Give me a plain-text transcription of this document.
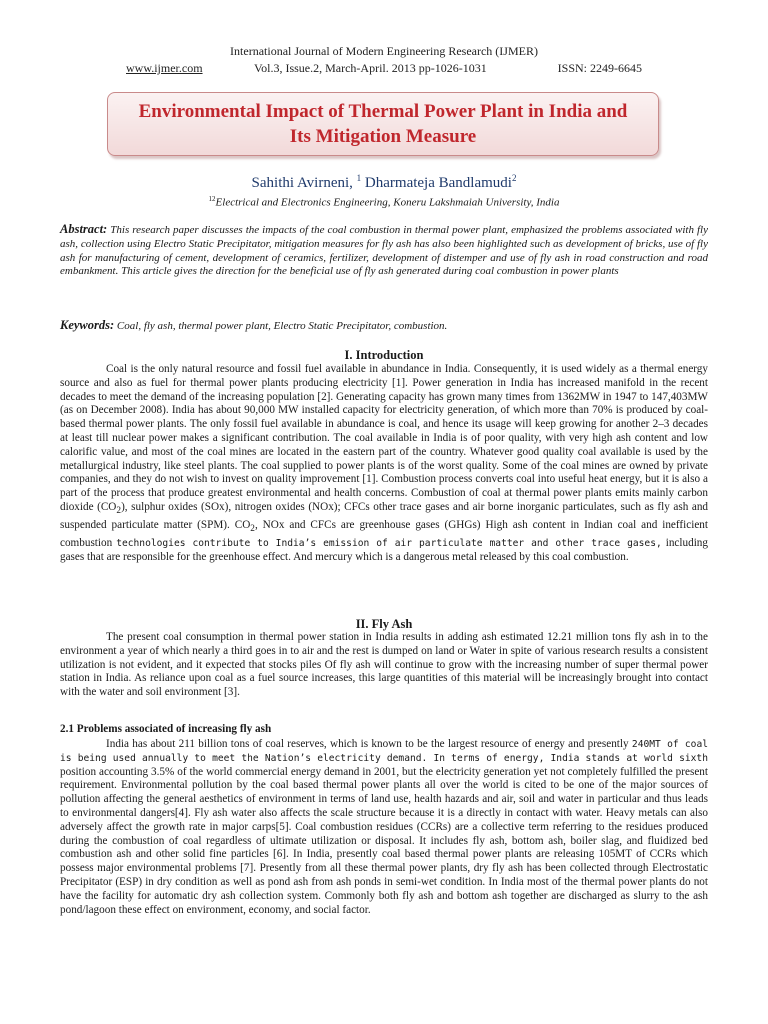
International Journal of Modern Engineering Research (IJMER)
www.ijmer.com	Vol.3, Issue.2, March-April. 2013 pp-1026-1031	ISSN: 2249-6645
Environmental Impact of Thermal Power Plant in India and
Its Mitigation Measure
Sahithi Avirneni, $^1$ Dharmateja Bandlamudi$^2$
$^{12}$Electrical and Electronics Engineering, Koneru Lakshmaiah University, India
Abstract: This research paper discusses the impacts of the coal combustion in thermal power plant, emphasized the problems associated with fly ash, collection using Electro Static Precipitator, mitigation measures for fly ash has also been highlighted such as development of bricks, use of fly ash for manufacturing of cement, development of ceramics, fertilizer, development of distemper and use of fly ash in road construction and road embankment. This article gives the direction for the beneficial use of fly ash generated during coal combustion in power plants
Keywords: Coal, fly ash, thermal power plant, Electro Static Precipitator, combustion.
I. Introduction
Coal is the only natural resource and fossil fuel available in abundance in India. Consequently, it is used widely as a thermal energy source and also as fuel for thermal power plants producing electricity [1]. Power generation in India has increased manifold in the recent decades to meet the demand of the increasing population [2]. Generating capacity has grown many times from 1362MW in 1947 to 147,403MW (as on December 2008). India has about 90,000 MW installed capacity for electricity generation, of which more than 70% is produced by coal- based thermal power plants. The only fossil fuel available in abundance is coal, and hence its usage will keep growing for another 2–3 decades at least till nuclear power makes a significant contribution. The coal available in India is of poor quality, with very high ash content and low calorific value, and most of the coal mines are located in the eastern part of the country. Whatever good quality coal available is used by the metallurgical industry, like steel plants. The coal supplied to power plants is of the worst quality. Some of the coal mines are owned by private companies, and they do not wish to invest on quality improvement [1]. Combustion process converts coal into useful heat energy, but it is also a part of the process that produce greatest environmental and health concerns. Combustion of coal at thermal power plants emits mainly carbon dioxide $(CO_2)$, sulphur oxides (SOx), nitrogen oxides (NOx); CFCs other trace gases and air borne inorganic particulates, such as fly ash and suspended particulate matter (SPM). $CO_2$, NOx and CFCs are greenhouse gases (GHGs) High ash content in Indian coal and inefficient combustion technologies contribute to India’s emission of air particulate matter and other trace gases, including gases that are responsible for the greenhouse effect. And mercury which is a dangerous metal released by this coal combustion.
II. Fly Ash
The present coal consumption in thermal power station in India results in adding ash estimated 12.21 million tons fly ash in to the environment a year of which nearly a third goes in to air and the rest is dumped on land or Water in spite of various research results a consistent utilization is not evident, and it expected that stocks piles Of fly ash will continue to grow with the increasing number of super thermal power station in India. As reliance upon coal as a fuel source increases, this large quantities of this material will be increasingly brought into contact with the water and soil environment [3].
2.1 Problems associated of increasing fly ash
India has about 211 billion tons of coal reserves, which is known to be the largest resource of energy and presently 240MT of coal is being used annually to meet the Nation’s electricity demand. In terms of energy, India stands at world sixth position accounting 3.5% of the world commercial energy demand in 2001, but the electricity generation yet not completely fulfilled the present requirement. Environmental pollution by the coal based thermal power plants all over the world is cited to be one of the major sources of pollution affecting the general aesthetics of environment in terms of land use, health hazards and air, soil and water in particular and thus leads to environmental dangers[4]. Fly ash water also affects the scale structure because it is a directly in contact with water. Heavy metals can also adversely affect the growth rate in major carps[5]. Coal combustion residues (CCRs) are a collective term referring to the residues produced during the combustion of coal regardless of ultimate utilization or disposal. It includes fly ash, bottom ash, boiler slag, and fluidized bed combustion ash and other solid fine particles [6]. In India, presently coal based thermal power plants are releasing 105MT of CCRs which possess major environmental problems [7]. Presently from all these thermal power plants, dry fly ash has been collected through Electrostatic Precipitator (ESP) in dry condition as well as pond ash from ash ponds in semi-wet condition. In India most of the thermal power plants do not have the facility for automatic dry ash collection system. Commonly both fly ash and bottom ash together are discharged as slurry to the ash pond/lagoon these effect on environment, economy, and social factor.
